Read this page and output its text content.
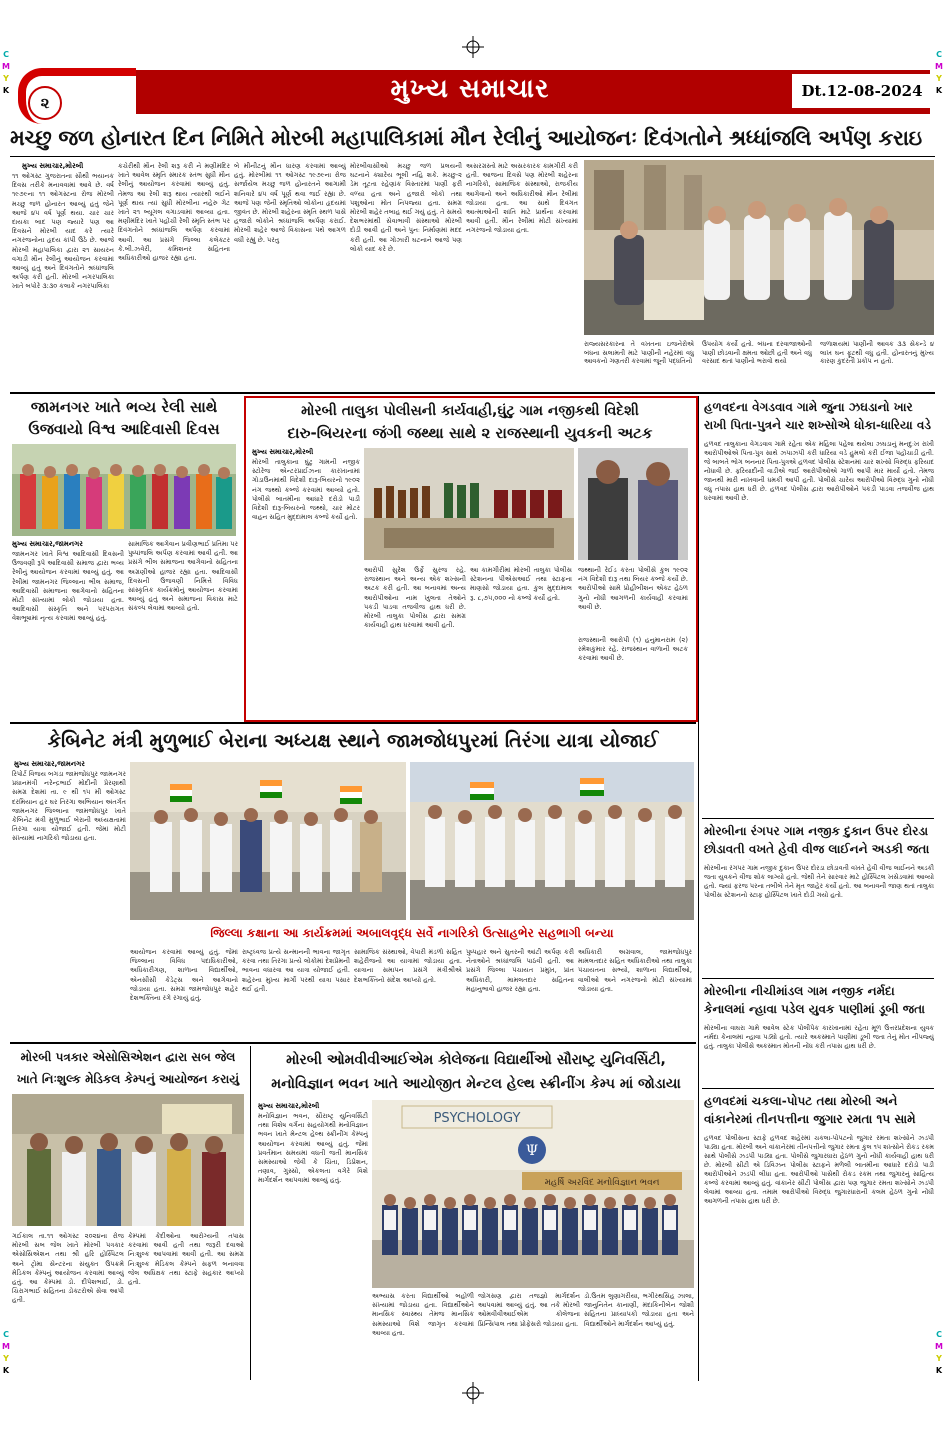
C
M
Y
K
C
M
Y
K
C
M
Y
K
C
M
Y
K
૨	મુખ્ય સમાચાર	Dt.12-08-2024
મચ્છુ જળ હોનારત દિન નિમિતે મોરબી મહાપાલિકામાં મૌન રેલીનું આયોજનઃ દિવંગતોને શ્રધ્ધાંજલિ અર્પણ કરાઇ
મુખ્ય સમાચાર,મોરબી
૧૧ ઓગસ્ટ ગુજરાતના સૌથી ભયાનક દિવસ તરીકે મનાવવામાં આવે છે. વર્ષ ૧૯૭૯ના ૧૧ ઓગસ્ટના રોજ મોરબી મચ્છુ જળ હોનારત આવ્યું હતું જેને આજે ૪૫ વર્ષ પૂર્ણ થયા. ચાર ચાર દાયકા બાદ પણ જ્યારે પણ આ દિવસને મોરબી યાદ કરે ત્યારે નગરજનોના હૃદય કાંપી ઉઠે છે. આજે મોરબી મહાપાલિકા દ્વારા ૨૧ સાયરન વગાડી મૌન રેલીનું આયોજન કરવામાં આવ્યું હતું અને દિવંગતોને શ્રધ્ધાંજલિ અર્પણ કરી હતી. મોરબી નગરપાલિકા ખાતે બપોરે ૩:૩૦ કલાકે નગરપાલિકા
કચેરીથી મૌન રેલી શરૂ કરી ને મણીમંદિર ખાતે આવેલ સ્મૃતિ સ્મારક સ્તંભ સુધી મૌન રેલીનું આયોજન કરવામાં આવ્યું હતું. તેમજ આ રેલી શરૂ થાય ત્યારથી લઈને પૂર્ણ થાય ત્યાં સુધી મોરબીના નહેરુ ગેટ ખાતે ૨૧ બ્યૂગલ વગાડવામાં આવ્યા હતા. મણીમંદિર ખાતે પહોંચી રેલી સ્મૃતિ સ્તંભ પર દિવંગતોને શ્રધ્ધાંજલિ અર્પણ કરવામાં આવી. આ પ્રસંગે જિલ્લા કલેક્ટર કે.બી.ઝવેરી, કમિશનર સહિતના અધિકારીઓ હાજર રહ્યા હતા.
બે મીનીટનું મૌન ધારણ કરવામાં આવ્યું હતું. મોરબીમાં ૧૧ ઓગસ્ટ ૧૯૭૯ના રોજ સર્જાયેલ મચ્છુ જળ હોનારતને આગામી શનિવારે ૪૫ વર્ષ પૂર્ણ થવા જઈ રહ્યા છે. આજે પણ જેની સ્મૃતિઓ લોકોના હૃદયમાં જીવંત છે. મોરબી શહેરના સ્મૃતિ સ્થળ પાસે હજારો લોકોને શ્રધ્ધાંજલિ અર્પણ કરાઈ. મોરબી શહેર આજે વિકાસના પંથે આગળ વધી રહ્યું છે. પરંતુ
મોરબીવાસીઓ મચ્છુ જળ પ્રલયની ઘટનાને ક્યારેય ભૂલી નહિ શકે. મચ્છુ-૨ ડેમ તૂટતા રહેણાંક વિસ્તારમાં પાણી ફરી વળ્યા હતા અને હજારો લોકો તથા પશુઓના મોત નિપજ્યા હતા. સમગ્ર મોરબી શહેર તબાહ થઈ ગયું હતું. તે સમયે દેશભરમાંથી સેવાભાવી સંસ્થાઓ મોરબી દોડી આવી હતી અને પુનઃ નિર્માણમાં મદદ કરી હતી. આ ગોઝારી ઘટનાને આજે પણ લોકો યાદ કરે છે.
અસરગ્રસ્તો માટે અસરકારક કામગીરી કરી હતી. આજના દિવસે પણ મોરબી શહેરના નાગરિકો, સામાજિક સંસ્થાઓ, રાજકીય આગેવાનો અને અધિકારીઓ મૌન રેલીમાં જોડાયા હતા. આ સાથે દિવંગત આત્માઓની શાંતિ માટે પ્રાર્થના કરવામાં આવી હતી. મૌન રેલીમાં મોટી સંખ્યામાં નગરજનો જોડાયા હતા.
રાજ્યસરકારના તે વખતના ઇજનેરોએ બંધના સલામતી માટે પાણીની નહેરમાં વધુ આવકનો ગણતરી કરવામાં જૂની પદ્ધતિનો
ઉપયોગ કર્યો હતો. બંધના દરવાજાઓની પાણી છોડવાની ક્ષમતા ઓછી હતી અને વધુ વરસાદ થતાં પાણીનો ભરાવો થયો
જળાશયમાં પાણીની આવક ૩૩ સેકન્ડે ૪ લાખ ઘન ફૂટથી વધુ હતી. હોનારતનું મુખ્ય કારણ કુદરતી પ્રકોપ ન હતો.
જામનગર ખાતે ભવ્ય રેલી સાથે
ઉજવાયો વિશ્વ આદિવાસી દિવસ
મુખ્ય સમાચાર,જામનગર
જામનગર ખાતે વિશ્વ આદિવાસી દિવસની ઉજવણી રૂપે આદિવાસી સમાજ દ્વારા ભવ્ય રેલીનું આયોજન કરવામાં આવ્યું હતું. આ રેલીમાં જામનગર જિલ્લાના ભીલ સમાજ, આદિવાસી સમાજના આગેવાનો સહિતના મોટી સંખ્યામાં લોકો જોડાયા હતા. આદિવાસી સંસ્કૃતિ અને પરંપરાગત વેશભૂષામાં નૃત્ય કરવામાં આવ્યું હતું.
સામાજિક આગેવાન પ્રવીણભાઈ પ્રતિમા પર પુષ્પાંજલિ અર્પણ કરવામાં આવી હતી. આ પ્રસંગે ભીલ સમાજના આગેવાનો સહિતના અગ્રણીઓ હાજર રહ્યા હતા. આદિવાસી દિવસની ઉજવણી નિમિત્તે વિવિધ સાંસ્કૃતિક કાર્યક્રમોનું આયોજન કરવામાં આવ્યું હતું અને સમાજના વિકાસ માટે સંકલ્પ લેવામાં આવ્યો હતો.
મોરબી તાલુકા પોલીસની કાર્યવાહી,ઘુંટુ ગામ નજીકથી વિદેશી
દારુ-બિયરના જંગી જથ્થા સાથે ૨ રાજસ્થાની યુવકની અટક
મુખ્ય સમાચાર,મોરબી
મોરબી તાલુકાના ઘુંટુ ગામની નજીક સ્ટોરેજ એન્ટરપ્રાઈઝના કારખાનામાં ગોડાઉનમાંથી વિદેશી દારૂ-બિયરનો ૧૯૦૨ નંગ જથ્થો કબ્જે કરવામાં આવ્યો હતો. પોલીસે બાતમીના આધારે દરોડો પાડી વિદેશી દારૂ-બિયરનો જથ્થો, ચાર મોટર વાહન સહિત મુદ્દામાલ કબ્જે કર્યો હતો.
આરોપી સુરેશ ઉર્ફે સુરજ રહે. રાજસ્થાન અને અન્ય એક શખ્સની અટક કરી હતી. આ બનાવમાં અન્ય આરોપીઓના નામ ખુલતા તેઓને પકડી પાડવા તજવીજ હાથ ધરી છે. મોરબી તાલુકા પોલીસ દ્વારા સમગ્ર કાર્યવાહી હાથ ધરવામાં આવી હતી.
આ કામગીરીમાં મોરબી તાલુકા પોલીસ સ્ટેશનના પીએસઆઈ તથા સ્ટાફના માણસો જોડાયા હતા. કુલ મુદ્દામાલ રૂ. ૮,૭૫,૦૦૦ નો કબ્જે કર્યો હતો.
જથ્થાની રેઈડ કરતા પોલીસે કુલ ૧૯૦૨ નંગ વિદેશી દારૂ તથા બિયર કબ્જે કર્યો છે. આરોપીઓ સામે પ્રોહીબીશન એક્ટ હેઠળ ગુનો નોંધી આગળની કાર્યવાહી કરવામાં આવી છે.
રાજસ્થાની આરોપી (૧) હનુમાનરામ (૨) રમેશકુમાર રહે. રાજસ્થાન વાળાની અટક કરવામાં આવી છે.
હળવદના વેગડવાવ ગામે જુના ઝઘડાનો ખાર રાખી પિતા-પુત્રને ચાર શખ્સોએ ધોકા-ધારિયા વડે
હળવદ તાલુકાના વેગડવાવ ગામે રહેતા એક મહિલા પહેલા થયેલા ઝઘડાનું મનદુઃખ રાખી આરોપીઓએ પિતા-પુત્ર સાથે ઝપાઝપી કરી ધારિયા વડે હુમલો કરી ઈજા પહોંચાડી હતી. જે બાબતે ભોગ બનનાર પિતા-પુત્રએ હળવદ પોલીસ સ્ટેશનમાં ચાર શખ્સો વિરુદ્ધ ફરિયાદ નોંધાવી છે. ફરિયાદીની વાડીએ જઈ આરોપીઓએ ગાળો આપી માર માર્યો હતો. તેમજ જાનથી મારી નાખવાની ધમકી આપી હતી. પોલીસે ચારેય આરોપીઓ વિરુદ્ધ ગુનો નોંધી વધુ તપાસ હાથ ધરી છે. હળવદ પોલીસ દ્વારા આરોપીઓને પકડી પાડવા તજવીજ હાથ ધરવામાં આવી છે.
મોરબીના રંગપર ગામ નજીક દુકાન ઉપર દોરડા છોડાવતી વખતે હેવી વીજ લાઈનને અડકી જતા
મોરબીના રંગપર ગામ નજીક દુકાન ઉપર દોરડા છોડાવતી વખતે હેવી વીજ લાઈનને અડકી જતા યુવકને વીજ શોક લાગ્યો હતો. જેથી તેને સારવાર માટે હોસ્પિટલ ખસેડવામાં આવ્યો હતો. જ્યાં ફરજ પરના તબીબે તેને મૃત જાહેર કર્યો હતો. આ બનાવની જાણ થતાં તાલુકા પોલીસ સ્ટેશનનો સ્ટાફ હોસ્પિટલ ખાતે દોડી ગયો હતો.
મોરબીના નીચીમાંડલ ગામ નજીક નર્મદા કેનાલમાં ન્હાવા પડેલ યુવક પાણીમાં ડૂબી જતા
મોરબીના વાઘરા ગામે આવેલ સ્ટેક પોલીપેક કારખાનામાં રહેતા મૂળ ઉત્તરપ્રદેશના યુવક નર્મદા કેનાલમાં ન્હાવા પડ્યો હતો. ત્યારે અકસ્માતે પાણીમાં ડૂબી જતા તેનું મોત નીપજ્યું હતું. તાલુકા પોલીસે અકસ્માત મોતની નોંધ કરી તપાસ હાથ ધરી છે.
હળવદમાં ચકલા-પોપટ તથા મોરબી અને વાંકાનેરમાં તીનપત્તીના જુગાર રમતા ૧૫ સામે
હળવદ પોલીસના સ્ટાફે હળવદ શહેરમાં ચકલા-પોપટનો જુગાર રમતા શખ્સોને ઝડપી પાડ્યા હતા. મોરબી અને વાંકાનેરમાં તીનપત્તીનો જુગાર રમતા કુલ ૧૫ શખ્સોને રોકડ રકમ સાથે પોલીસે ઝડપી પાડ્યા હતા. પોલીસે જુગારધારા હેઠળ ગુનો નોંધી કાર્યવાહી હાથ ધરી છે. મોરબી સીટી એ ડિવિઝન પોલીસ સ્ટાફને મળેલી બાતમીના આધારે દરોડો પાડી આરોપીઓને ઝડપી લીધા હતા. આરોપીઓ પાસેથી રોકડ રકમ તથા જુગારનું સાહિત્ય કબ્જે કરવામાં આવ્યું હતું. વાંકાનેર સીટી પોલીસ દ્વારા પણ જુગાર રમતા શખ્સોને ઝડપી લેવામાં આવ્યા હતા. તમામ આરોપીઓ વિરુદ્ધ જુગારધારાની કલમ હેઠળ ગુનો નોંધી આગળની તપાસ હાથ ધરી છે.
કેબિનેટ મંત્રી મુળુભાઈ બેરાના અધ્યક્ષ સ્થાને જામજોધપુરમાં તિરંગા યાત્રા યોજાઈ
મુખ્ય સમાચાર,જામનગર
રિપોર્ટ વિજય બગડા જામજોધપુર જામનગર પ્રધાનમંત્રી નરેન્દ્રભાઈ મોદીની પ્રેરણાથી સમગ્ર દેશમાં તા. ૯ થી ૧૫ મી ઓગસ્ટ દરમિયાન હર ઘર તિરંગા અભિયાન અંતર્ગત જામનગર જિલ્લાના જામજોધપુર ખાતે કેબિનેટ મંત્રી મુળુભાઈ બેરાની અધ્યક્ષતામાં તિરંગા યાત્રા યોજાઈ હતી. જેમાં મોટી સંખ્યામાં નાગરિકો જોડાયા હતા.
જિલ્લા કક્ષાના આ કાર્યક્રમમાં અબાલવૃદ્ધ સર્વે નાગરિકો ઉત્સાહભેર સહભાગી બન્યા
આયોજન કરવામાં આવ્યું હતું. જેમાં જિલ્લાના વિવિધ પદાધિકારીઓ, અધિકારીગણ, શાળાના વિદ્યાર્થીઓ, એનસીસી કેડેટ્સ અને આગેવાનો જોડાયા હતા. સમગ્ર જામજોધપુર શહેર દેશભક્તિના રંગે રંગાયું હતું.
રાષ્ટ્રધ્વજ પ્રત્યે સન્માનની ભાવના જાગૃત કરવા તથા તિરંગા પ્રત્યે લોકોમાં દેશપ્રેમની ભાવના વધારવા આ યાત્રા યોજાઈ હતી. શહેરના મુખ્ય માર્ગો પરથી યાત્રા પસાર થઈ હતી.
સામાજિક સંસ્થાઓ, વેપારી મંડળો સહિત શહેરીજનો આ યાત્રામાં જોડાયા હતા. યાત્રાના સમાપન પ્રસંગે મંત્રીશ્રીએ દેશભક્તિનો સંદેશ આપ્યો હતો.
પુષ્પહાર અને સુતરની આંટી અર્પણ કરી નેતાઓને શ્રધ્ધાંજલિ પાઠવી હતી. આ પ્રસંગે જિલ્લા પંચાયત પ્રમુખ, પ્રાંત અધિકારી, મામલતદાર સહિતના મહાનુભાવો હાજર રહ્યા હતા.
અધિકારી અગ્રવાલ, જામજોધપુર મામલતદાર સહિત અધિકારીઓ તથા તાલુકા પંચાયતના સભ્યો, શાળાના વિદ્યાર્થીઓ, વાલીઓ અને નગરજનો મોટી સંખ્યામાં જોડાયા હતા.
મોરબી પત્રકાર એસોસિએશન દ્વારા સબ જેલ
ખાતે નિઃશુલ્ક મેડિકલ કેમ્પનું આયોજન કરાયું
ગઈકાલ તા.૧૧ ઓગસ્ટ ૨૦૨૪ના રોજ મોરબી સબ જેલ ખાતે મોરબી પત્રકાર એસોસિએશન તથા શ્રી હરિ હોસ્પિટલ અને ટ્રોમા સેન્ટરના સંયુક્ત ઉપક્રમે મેડિકલ કેમ્પનું આયોજન કરવામાં આવ્યું હતું. આ કેમ્પમાં ડો. દીપેશભાઈ, ડો. ચિરાગભાઈ સહિતના ડોક્ટરોએ સેવા આપી હતી.
કેમ્પમાં કેદીઓના આરોગ્યની તપાસ કરવામાં આવી હતી તથા જરૂરી દવાઓ નિઃશુલ્ક આપવામાં આવી હતી. આ સમગ્ર નિઃશુલ્ક મેડિકલ કેમ્પને સફળ બનાવવા જેલ અધિક્ષક તથા સ્ટાફે સહકાર આપ્યો હતો.
મોરબી ઓમવીવીઆઈએમ કોલેજના વિદ્યાર્થીઓ સૌરાષ્ટ્ર યુનિવર્સિટી,
મનોવિજ્ઞાન ભવન ખાતે આયોજીત મેન્ટલ હેલ્થ સ્ક્રીનીંગ કેમ્પ માં જોડાયા
મુખ્ય સમાચાર,મોરબી
મનોવિજ્ઞાન ભવન, સૌરાષ્ટ્ર યુનિવર્સિટી તથા વિશેષ વર્ગના સહયોગથી મનોવિજ્ઞાન ભવન ખાતે મેન્ટલ હેલ્થ સ્ક્રીનીંગ કેમ્પનું આયોજન કરવામાં આવ્યું હતું. જેમાં પ્રવર્તમાન સમયમાં વધતી જતી માનસિક સમસ્યાઓ જેવી કે ચિંતા, ડિપ્રેશન, તણાવ, ગુસ્સો, એકલતા વગેરે વિશે માર્ગદર્શન આપવામાં આવ્યું હતું.
PSYCHOLOGY
Ψ
મહર્ષિ અરવિંદ મનોવિજ્ઞાન ભવન
અભ્યાસ કરતા વિદ્યાર્થીઓ બહોળી સંખ્યામાં જોડાયા હતા. વિદ્યાર્થીઓને માનસિક સ્વાસ્થ્ય તેમજ માનસિક સમસ્યાઓ વિશે જાગૃત કરવામાં આવ્યા હતા.
જોગસણ દ્વારા તજજ્ઞો માર્ગદર્શન આપવામાં આવ્યું હતું. આ તકે મોરબી ઓમવીવીઆઈએમ કોલેજના પ્રિન્સિપાલ તથા પ્રોફેસરો જોડાયા હતા.
ડો.ઉતમ લુણાગરીયા, ભગીરથસિંહ ઝાલા, જાનુનિતેન કાનાણી, મંદાકિનીબેન જોશી સહિતના પ્રાધ્યાપકો જોડાયા હતા અને વિદ્યાર્થીઓને માર્ગદર્શન આપ્યું હતું.
